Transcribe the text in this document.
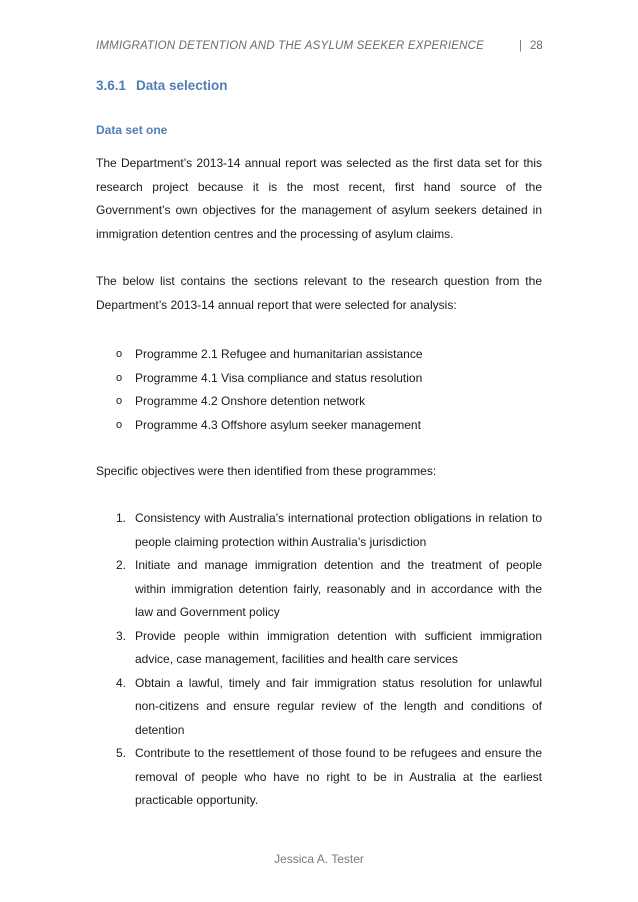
IMMIGRATION DETENTION AND THE ASYLUM SEEKER EXPERIENCE	| 28
3.6.1 Data selection
Data set one

The Department’s 2013-14 annual report was selected as the first data set for this research project because it is the most recent, first hand source of the Government’s own objectives for the management of asylum seekers detained in immigration detention centres and the processing of asylum claims.

The below list contains the sections relevant to the research question from the Department’s 2013-14 annual report that were selected for analysis:

o Programme 2.1 Refugee and humanitarian assistance
o Programme 4.1 Visa compliance and status resolution
o Programme 4.2 Onshore detention network
o Programme 4.3 Offshore asylum seeker management

Specific objectives were then identified from these programmes:

1. Consistency with Australia’s international protection obligations in relation to people claiming protection within Australia’s jurisdiction
2. Initiate and manage immigration detention and the treatment of people within immigration detention fairly, reasonably and in accordance with the law and Government policy
3. Provide people within immigration detention with sufficient immigration advice, case management, facilities and health care services
4. Obtain a lawful, timely and fair immigration status resolution for unlawful non-citizens and ensure regular review of the length and conditions of detention
5. Contribute to the resettlement of those found to be refugees and ensure the removal of people who have no right to be in Australia at the earliest practicable opportunity.
Jessica A. Tester
